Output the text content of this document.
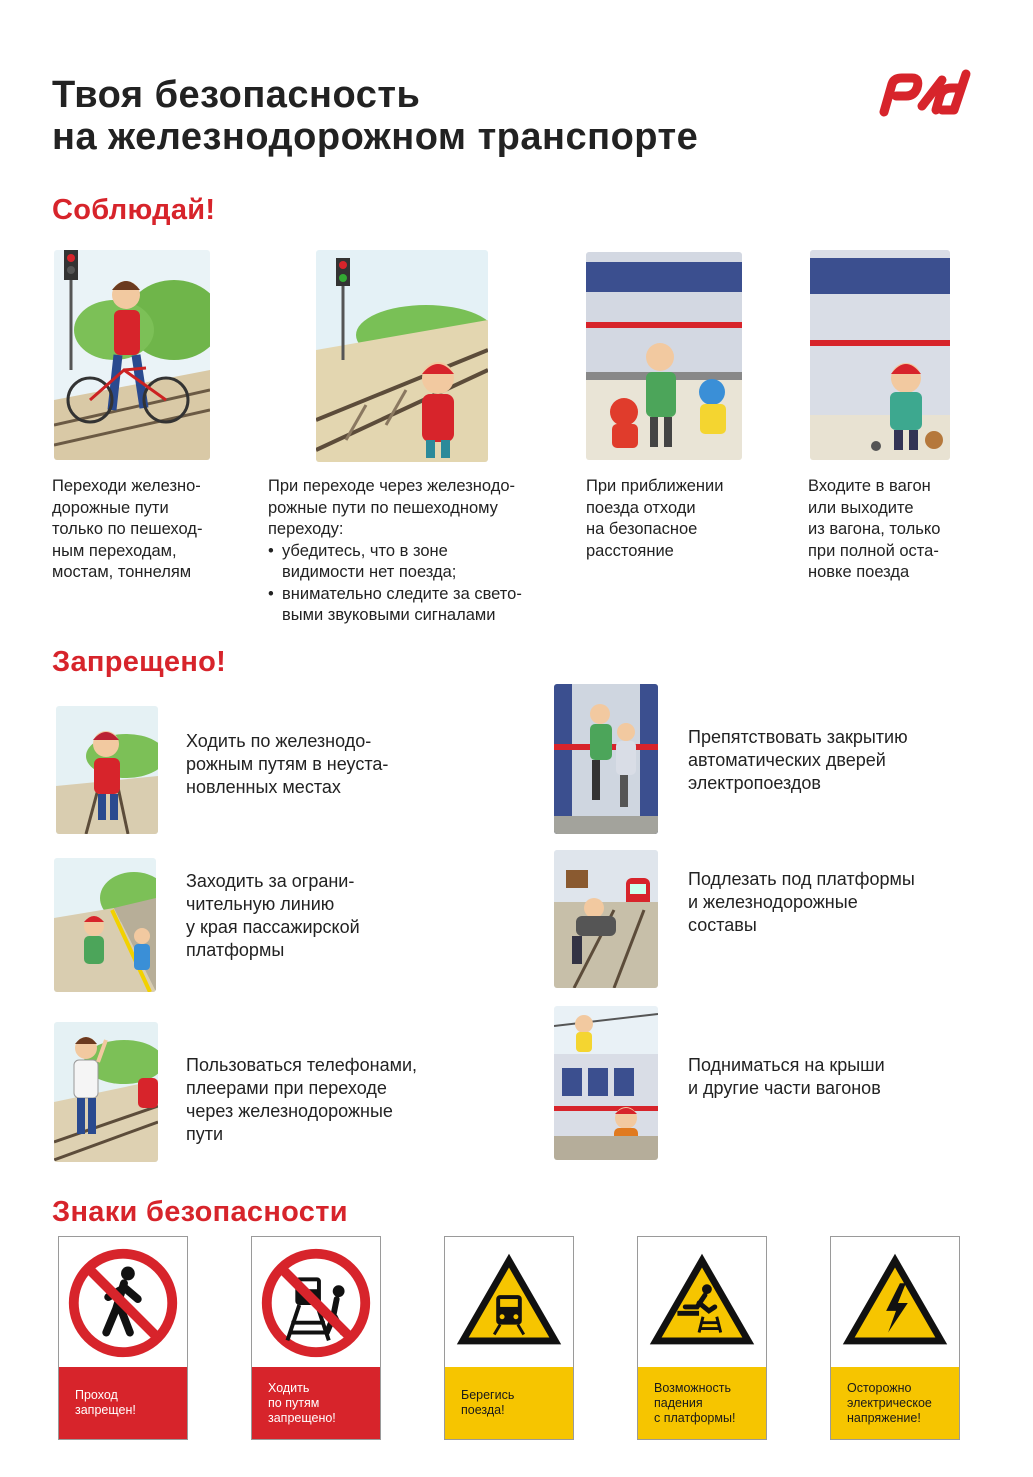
Твоя безопасность
на железнодорожном транспорте
Соблюдай!
Переходи железно-
дорожные пути
только по пешеход-
ным переходам,
мостам, тоннелям
При переходе через железнодо-
рожные пути по пешеходному
переходу:
• убедитесь, что в зоне
видимости нет поезда;
• внимательно следите за свето-
выми звуковыми сигналами
При приближении
поезда отходи
на безопасное
расстояние
Входите в вагон
или выходите
из вагона, только
при полной оста-
новке поезда
Запрещено!
Ходить по железнодо-
рожным путям в неуста-
новленных местах
Препятствовать закрытию
автоматических дверей
электропоездов
Заходить за ограни-
чительную линию
у края пассажирской
платформы
Подлезать под платформы
и железнодорожные
составы
Пользоваться телефонами,
плеерами при переходе
через железнодорожные
пути
Подниматься на крыши
и другие части вагонов
Знаки безопасности
Проход
запрещен!
Ходить
по путям
запрещено!
Берегись
поезда!
Возможность
падения
с платформы!
Осторожно
электрическое
напряжение!
